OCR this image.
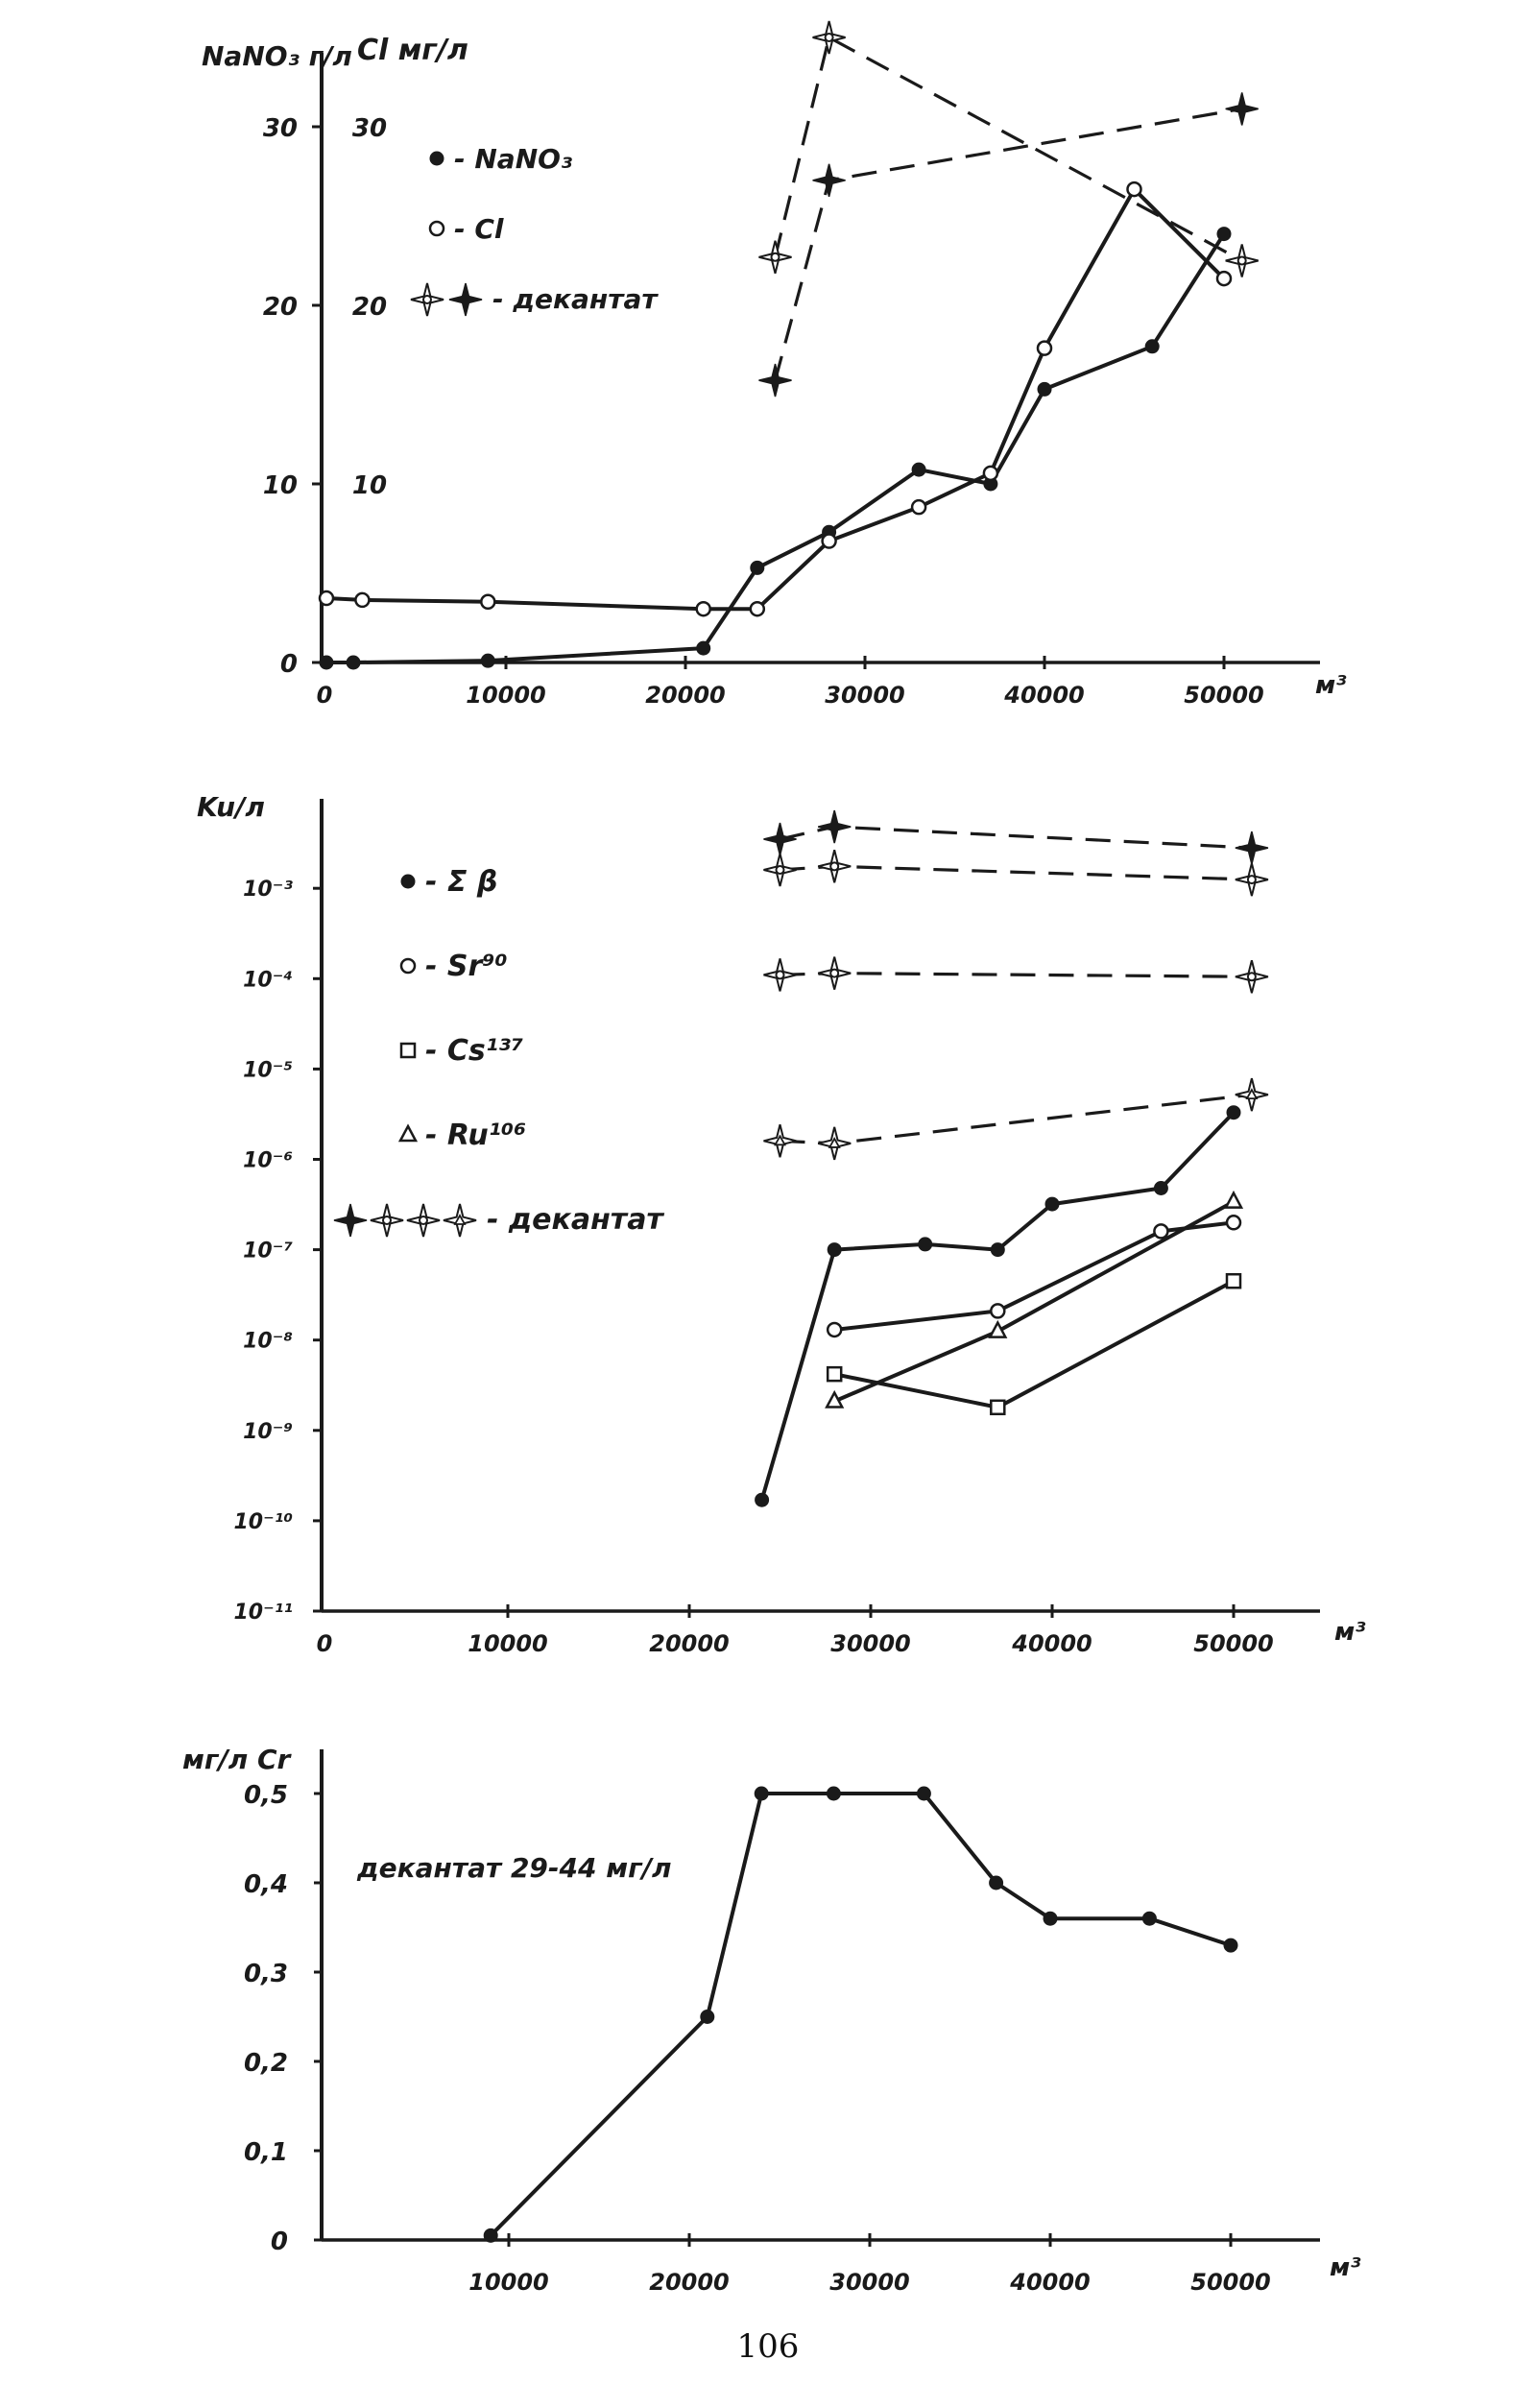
0	10000	20000	30000	40000	50000 м³
0
10
20
30
10
20
30
NaNO₃ г/л Cl мг/л
- NaNO₃
- Cl
- декантат
0	10000	20000	30000	40000	50000 м³
10⁻³
10⁻⁴
10⁻⁵
10⁻⁶
10⁻⁷
10⁻⁸
10⁻⁹
10⁻¹⁰
10⁻¹¹
Ku/л
- Σ β
- Sr⁹⁰
- Cs¹³⁷
- Ru¹⁰⁶
- декантат
10000	20000	30000	40000	50000 м³
0
0,1
0,2
0,3
0,4
0,5
мг/л Cr
декантат 29-44 мг/л
106
